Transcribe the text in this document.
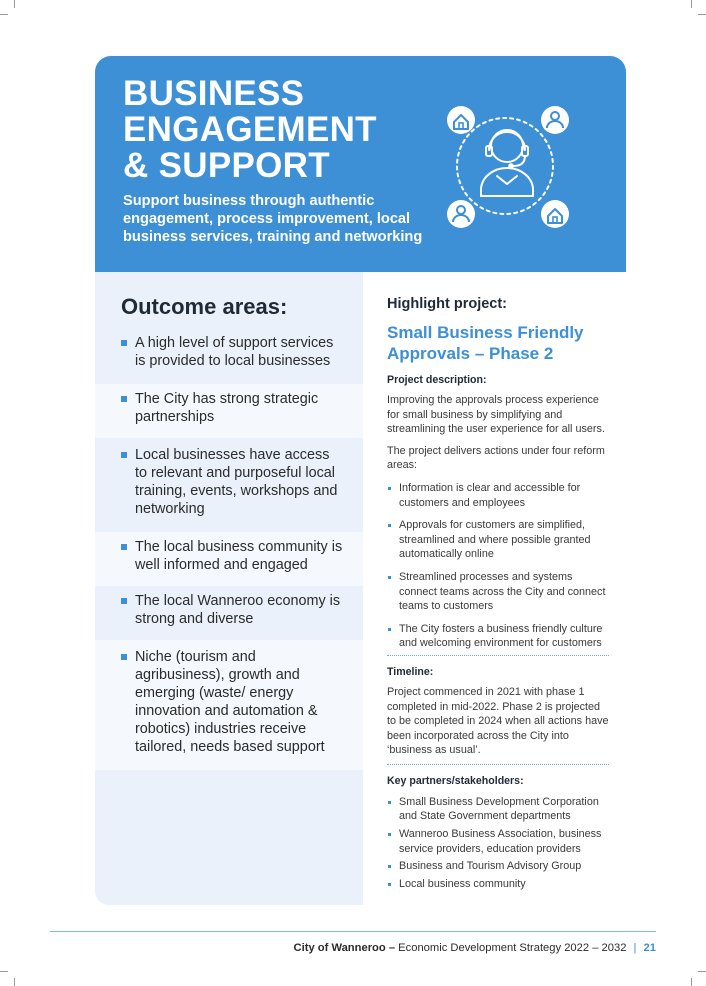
BUSINESS
ENGAGEMENT
& SUPPORT
Support business through authentic engagement, process improvement, local business services, training and networking
Outcome areas:
A high level of support services is provided to local businesses
The City has strong strategic partnerships
Local businesses have access to relevant and purposeful local training, events, workshops and networking
The local business community is well informed and engaged
The local Wanneroo economy is strong and diverse
Niche (tourism and agribusiness), growth and emerging (waste/ energy innovation and automation & robotics) industries receive tailored, needs based support
Highlight project:
Small Business Friendly Approvals – Phase 2
Project description:
Improving the approvals process experience for small business by simplifying and streamlining the user experience for all users.
The project delivers actions under four reform areas:
Information is clear and accessible for customers and employees
Approvals for customers are simplified, streamlined and where possible granted automatically online
Streamlined processes and systems connect teams across the City and connect teams to customers
The City fosters a business friendly culture and welcoming environment for customers
Timeline:
Project commenced in 2021 with phase 1 completed in mid-2022. Phase 2 is projected to be completed in 2024 when all actions have been incorporated across the City into ‘business as usual’.
Key partners/stakeholders:
Small Business Development Corporation and State Government departments
Wanneroo Business Association, business service providers, education providers
Business and Tourism Advisory Group
Local business community
City of Wanneroo – Economic Development Strategy 2022 – 2032 | 21
